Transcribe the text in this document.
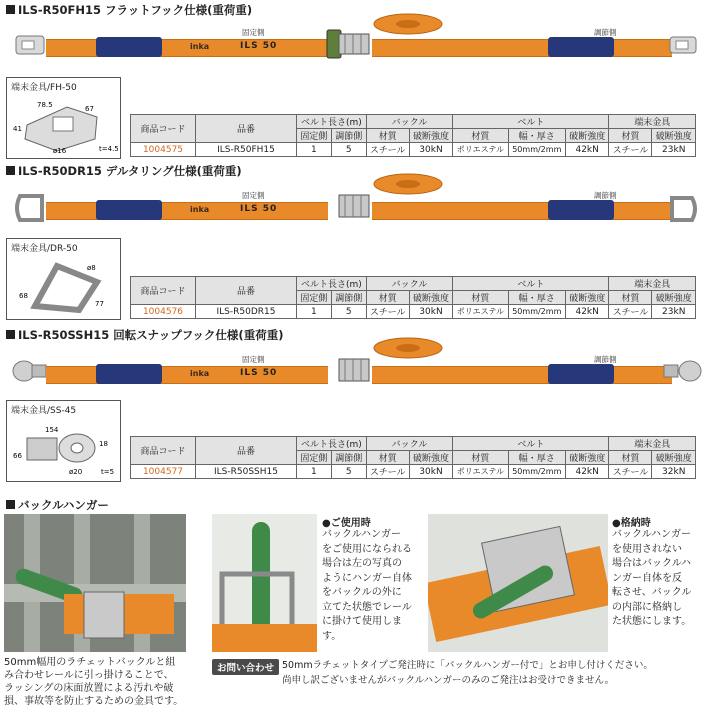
ILS-R50FH15 フラットフック仕様(重荷重)
inka	ILS 50
固定側	調節側
端末金具/FH-50
78.5	67
41
t=4.5
ø16
商品コード	品番	ベルト長さ(m)		バックル		ベルト			端末金具	
		固定側	調節側	材質	破断強度	材質	幅・厚さ	破断強度	材質	破断強度
1004575	ILS-R50FH15	1	5	スチール	30kN	ポリエステル	50mm/2mm	42kN	スチール	23kN
ILS-R50DR15 デルタリング仕様(重荷重)
inka	ILS 50
固定側	調節側
端末金具/DR-50
ø8
68
77
商品コード	品番	ベルト長さ(m)		バックル		ベルト			端末金具	
		固定側	調節側	材質	破断強度	材質	幅・厚さ	破断強度	材質	破断強度
1004576	ILS-R50DR15	1	5	スチール	30kN	ポリエステル	50mm/2mm	42kN	スチール	23kN
ILS-R50SSH15 回転スナップフック仕様(重荷重)
inka	ILS 50
固定側	調節側
端末金具/SS-45
154
66
18
ø20	t=5
商品コード	品番	ベルト長さ(m)		バックル		ベルト			端末金具	
		固定側	調節側	材質	破断強度	材質	幅・厚さ	破断強度	材質	破断強度
1004577	ILS-R50SSH15	1	5	スチール	30kN	ポリエステル	50mm/2mm	42kN	スチール	32kN
バックルハンガー
50mm幅用のラチェットバックルと組
み合わせレールに引っ掛けることで、
ラッシングの床面放置による汚れや破
損、事故等を防止するための金具です。
●ご使用時
バックルハンガー
をご使用になられる
場合は左の写真の
ようにハンガー自体
をバックルの外に
立てた状態でレール
に掛けて使用しま
す。
●格納時
バックルハンガー
を使用されない
場合はバックルハ
ンガー自体を反
転させ、バックル
の内部に格納し
た状態にします。
お問い合わせ 50mmラチェットタイプご発注時に「バックルハンガー付で」とお申し付けください。
尚申し訳ございませんがバックルハンガーのみのご発注はお受けできません。
